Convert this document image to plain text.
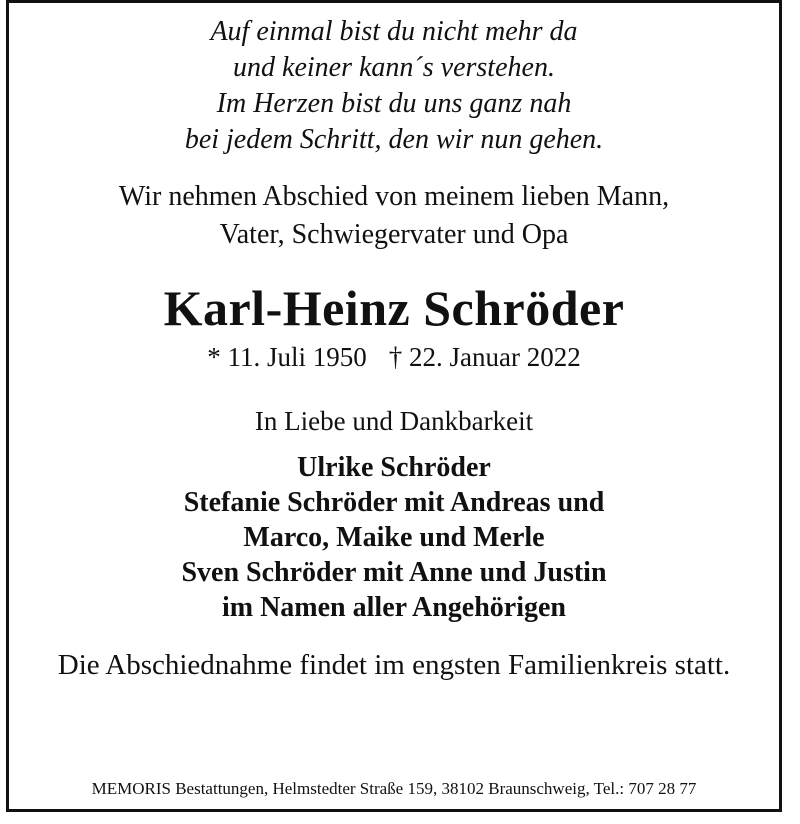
Auf einmal bist du nicht mehr da
und keiner kann´s verstehen.
Im Herzen bist du uns ganz nah
bei jedem Schritt, den wir nun gehen.
Wir nehmen Abschied von meinem lieben Mann,
Vater, Schwiegervater und Opa
Karl-Heinz Schröder
* 11. Juli 1950 † 22. Januar 2022
In Liebe und Dankbarkeit
Ulrike Schröder
Stefanie Schröder mit Andreas und
Marco, Maike und Merle
Sven Schröder mit Anne und Justin
im Namen aller Angehörigen
Die Abschiednahme findet im engsten Familienkreis statt.
MEMORIS Bestattungen, Helmstedter Straße 159, 38102 Braunschweig, Tel.: 707 28 77
